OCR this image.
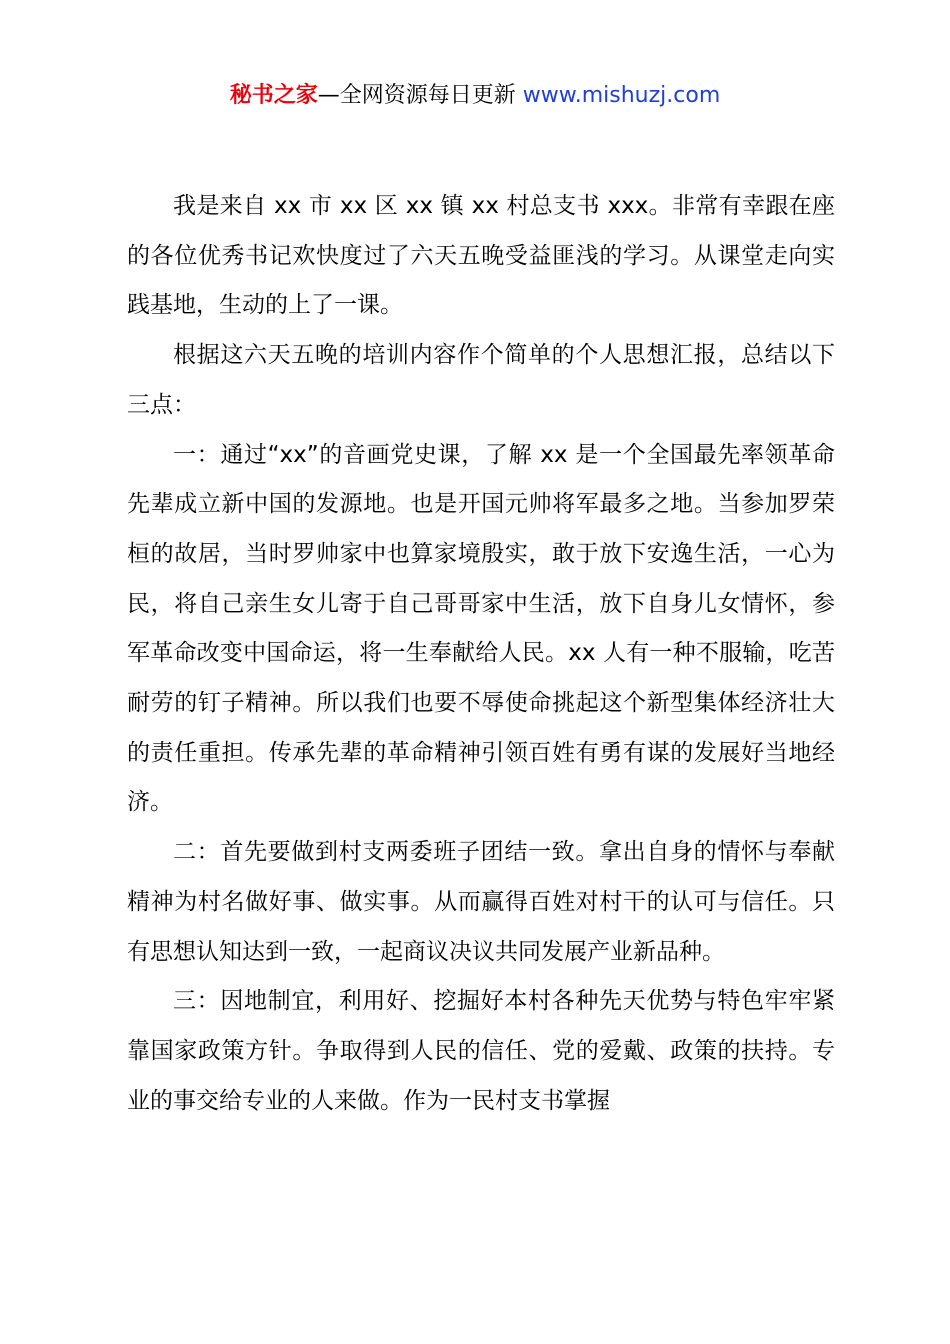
秘书之家—全网资源每日更新 www.mishuzj.com

我是来自 xx 市 xx 区 xx 镇 xx 村总支书 xxx。非常有幸跟在座的各位优秀书记欢快度过了六天五晚受益匪浅的学习。从课堂走向实践基地，生动的上了一课。

根据这六天五晚的培训内容作个简单的个人思想汇报，总结以下三点：

一：通过“xx”的音画党史课，了解 xx 是一个全国最先率领革命先辈成立新中国的发源地。也是开国元帅将军最多之地。当参加罗荣桓的故居，当时罗帅家中也算家境殷实，敢于放下安逸生活，一心为民，将自己亲生女儿寄于自己哥哥家中生活，放下自身儿女情怀，参军革命改变中国命运，将一生奉献给人民。xx 人有一种不服输，吃苦耐劳的钉子精神。所以我们也要不辱使命挑起这个新型集体经济壮大的责任重担。传承先辈的革命精神引领百姓有勇有谋的发展好当地经济。

二：首先要做到村支两委班子团结一致。拿出自身的情怀与奉献精神为村名做好事、做实事。从而赢得百姓对村干的认可与信任。只有思想认知达到一致，一起商议决议共同发展产业新品种。

三：因地制宜，利用好、挖掘好本村各种先天优势与特色牢牢紧靠国家政策方针。争取得到人民的信任、党的爱戴、政策的扶持。专业的事交给专业的人来做。作为一民村支书掌握
